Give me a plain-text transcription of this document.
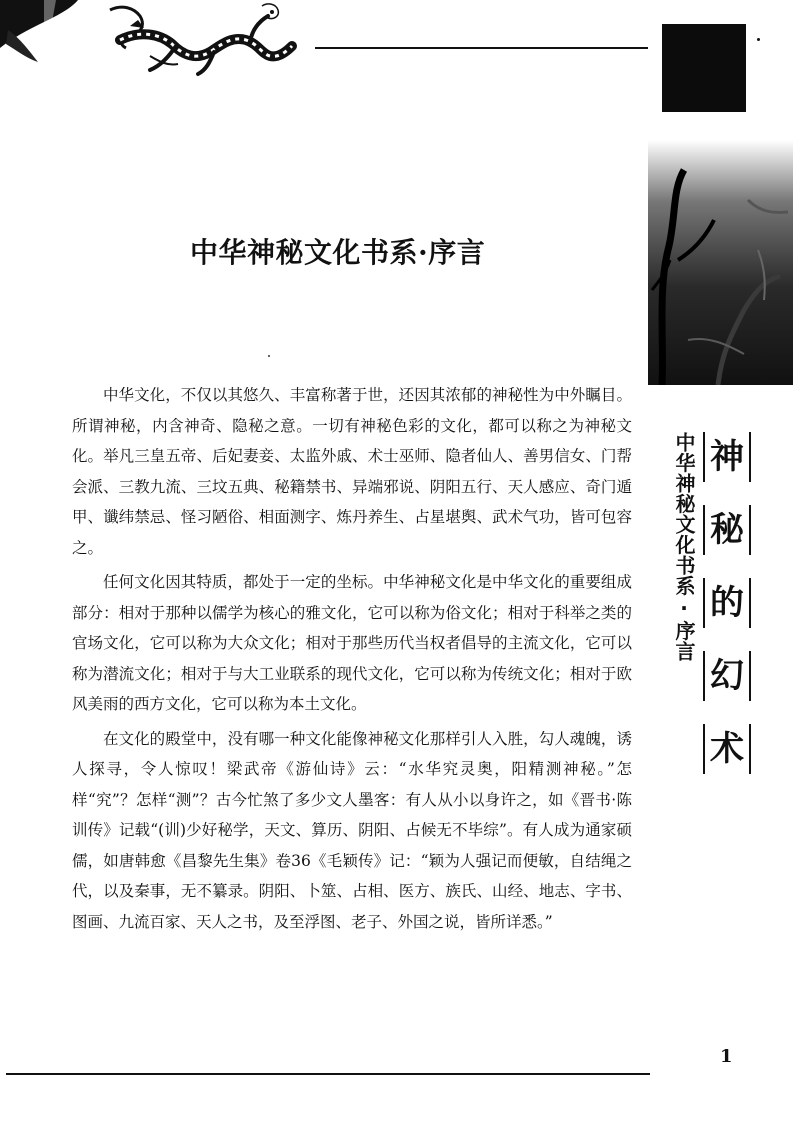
中华神秘文化书系·序言 神
秘
的
幻
术
中华神秘文化书系·序言

中华文化，不仅以其悠久、丰富称著于世，还因其浓郁的神秘性为中外瞩目。所谓神秘，内含神奇、隐秘之意。一切有神秘色彩的文化，都可以称之为神秘文化。举凡三皇五帝、后妃妻妾、太监外戚、术士巫师、隐者仙人、善男信女、门帮会派、三教九流、三坟五典、秘籍禁书、异端邪说、阴阳五行、天人感应、奇门遁甲、谶纬禁忌、怪习陋俗、相面测字、炼丹养生、占星堪舆、武术气功，皆可包容之。

任何文化因其特质，都处于一定的坐标。中华神秘文化是中华文化的重要组成部分：相对于那种以儒学为核心的雅文化，它可以称为俗文化；相对于科举之类的官场文化，它可以称为大众文化；相对于那些历代当权者倡导的主流文化，它可以称为潜流文化；相对于与大工业联系的现代文化，它可以称为传统文化；相对于欧风美雨的西方文化，它可以称为本土文化。

在文化的殿堂中，没有哪一种文化能像神秘文化那样引人入胜，勾人魂魄，诱人探寻，令人惊叹！梁武帝《游仙诗》云：“水华究灵奥，阳精测神秘。”怎样“究”？怎样“测”？古今忙煞了多少文人墨客：有人从小以身许之，如《晋书·陈训传》记载“(训)少好秘学，天文、算历、阴阳、占候无不毕综”。有人成为通家硕儒，如唐韩愈《昌黎先生集》卷36《毛颖传》记：“颖为人强记而便敏，自结绳之代，以及秦事，无不纂录。阴阳、卜筮、占相、医方、族氏、山经、地志、字书、图画、九流百家、天人之书，及至浮图、老子、外国之说，皆所详悉。”

1
